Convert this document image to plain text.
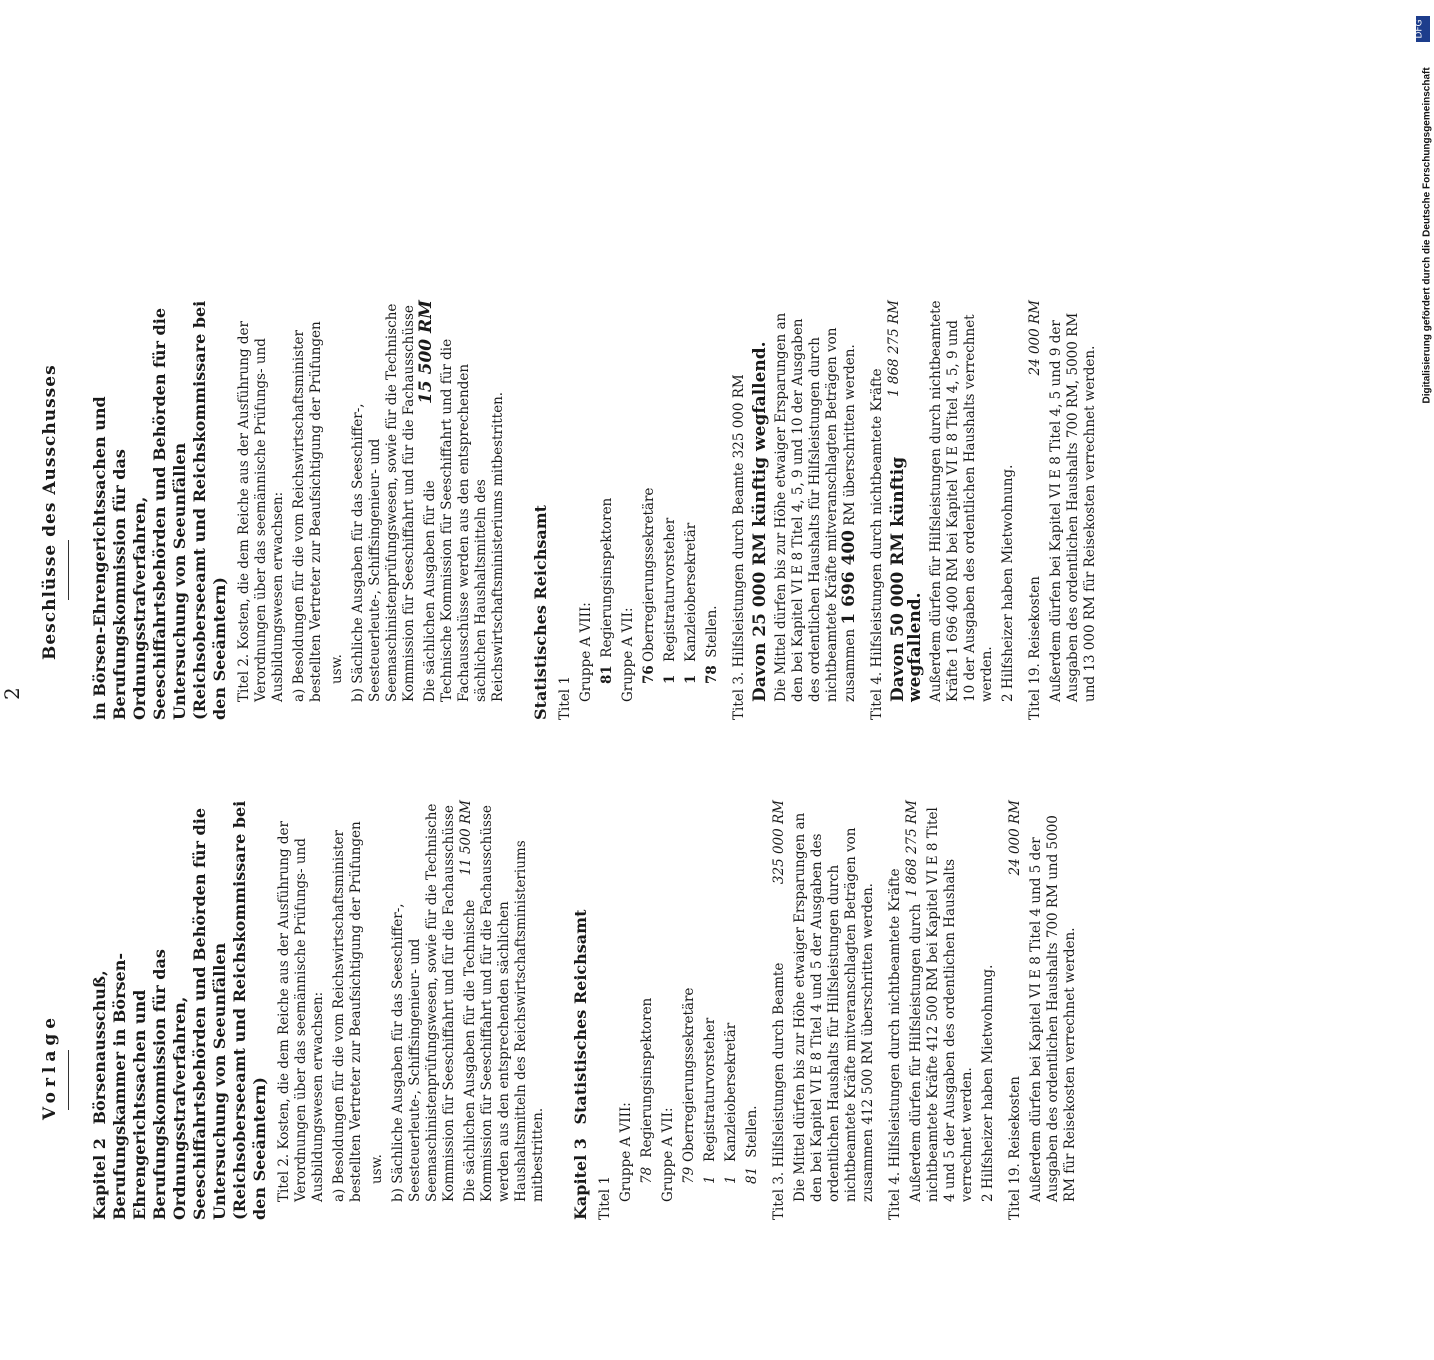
2
Vorlage
Beschlüsse des Ausschusses
Kapitel 2 Börsenausschuß, Berufungskammer in Börsen-Ehrengerichtssachen und Berufungskommission für das Ordnungsstrafverfahren, Seeschiffahrtsbehörden und Behörden für die Untersuchung von Seeunfällen (Reichsoberseeamt und Reichskommissare bei den Seeämtern) Titel 2. Kosten, die dem Reiche aus der Ausführung der Verordnungen über das seemännische Prüfungs- und Ausbildungswesen erwachsen: a) Besoldungen für die vom Reichswirtschaftsminister bestellten Vertreter zur Beaufsichtigung der Prüfungen usw. b) Sächliche Ausgaben für das Seeschiffer-, Seesteuerleute-, Schiffsingenieur- und Seemaschinistenprüfungswesen, sowie für die Technische Kommission für Seeschiffahrt und für die Fachausschüsse 11 500 RM

Die sächlichen Ausgaben für die Technische Kommission für Seeschiffahrt und für die Fachausschüsse werden aus den entsprechenden sächlichen Haushaltsmitteln des Reichswirtschaftsministeriums mitbestritten. Kapitel 3 Statistisches Reichsamt

Titel 1 Gruppe A VIII: 78 Regierungsinspektoren Gruppe A VII: 79Oberregierungssekretäre

1Registraturvorsteher

1Kanzleiobersekretär

81 Stellen. Titel 3. Hilfsleistungen durch Beamte
325 000 RM Die Mittel dürfen bis zur Höhe etwaiger Ersparungen an den bei Kapitel VI E 8 Titel 4 und 5 der Ausgaben des ordentlichen Haushalts für Hilfsleistungen durch nichtbeamtete Kräfte mitveranschlagten Beträgen von zusammen 412 500 RM überschritten werden. Titel 4. Hilfsleistungen durch nichtbeamtete Kräfte
1 868 275 RM

Außerdem dürfen für Hilfsleistungen durch nichtbeamtete Kräfte 412 500 RM bei Kapitel VI E 8 Titel 4 und 5 der Ausgaben des ordentlichen Haushalts verrechnet werden. 2 Hilfsheizer haben Mietwohnung. Titel 19. Reisekosten
24 000 RM Außerdem dürfen bei Kapitel VI E 8 Titel 4 und 5 der Ausgaben des ordentlichen Haushalts 700 RM und 5000 RM für Reisekosten verrechnet werden.

in Börsen-Ehrengerichtssachen und Berufungskommission für das Ordnungsstrafverfahren, Seeschiffahrtsbehörden und Behörden für die Untersuchung von Seeunfällen (Reichsoberseeamt und Reichskommissare bei den Seeämtern) Titel 2. Kosten, die dem Reiche aus der Ausführung der Verordnungen über das seemännische Prüfungs- und Ausbildungswesen erwachsen: a) Besoldungen für die vom Reichswirtschaftsminister bestellten Vertreter zur Beaufsichtigung der Prüfungen usw. b) Sächliche Ausgaben für das Seeschiffer-, Seesteuerleute-, Schiffsingenieur- und Seemaschinistenprüfungswesen, sowie für die Technische Kommission für Seeschiffahrt und für die Fachausschüsse 15 500 RM

Die sächlichen Ausgaben für die Technische Kommission für Seeschiffahrt und für die Fachausschüsse werden aus den entsprechenden sächlichen Haushaltsmitteln des Reichswirtschaftsministeriums mitbestritten. Statistisches Reichsamt Titel 1 Gruppe A VIII: 81 Regierungsinspektoren Gruppe A VII: 76Oberregierungssekretäre

1Registraturvorsteher

1Kanzleiobersekretär

78 Stellen. Titel 3. Hilfsleistungen durch Beamte 325 000 RM Davon 25 000 RM künftig wegfallend. Die Mittel dürfen bis zur Höhe etwaiger Ersparungen an den bei Kapitel VI E 8 Titel 4, 5, 9 und 10 der Ausgaben des ordentlichen Haushalts für Hilfsleistungen durch nichtbeamtete Kräfte mitveranschlagten Beträgen von zusammen 1 696 400 RM überschritten werden. Titel 4. Hilfsleistungen durch nichtbeamtete Kräfte
1 868 275 RM

Davon 50 000 RM künftig wegfallend. Außerdem dürfen für Hilfsleistungen durch nichtbeamtete Kräfte 1 696 400 RM bei Kapitel VI E 8 Titel 4, 5, 9 und 10 der Ausgaben des ordentlichen Haushalts verrechnet werden. 2 Hilfsheizer haben Mietwohnung. Titel 19. Reisekosten
24 000 RM Außerdem dürfen bei Kapitel VI E 8 Titel 4, 5 und 9 der Ausgaben des ordentlichen Haushalts 700 RM, 5000 RM und 13 000 RM für Reisekosten verrechnet werden.

DFG
Digitalisierung gefördert durch die Deutsche Forschungsgemeinschaft
